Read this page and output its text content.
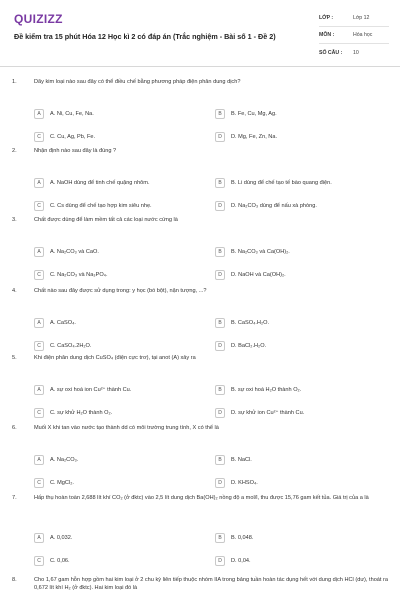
QUIZIZZ
Đề kiểm tra 15 phút Hóa 12 Học kì 2 có đáp án (Trắc nghiệm - Bài số 1 - Đề 2)
LỚP :	Lớp 12
MÔN :	Hóa học
SỐ CÂU :	10
1.	Dãy kim loại nào sau đây có thể điều chế bằng phương pháp điện phân dung dịch?
A	A. Ni, Cu, Fe, Na.	B	B. Fe, Cu, Mg, Ag.
C	C. Cu, Ag, Pb, Fe.	D	D. Mg, Fe, Zn, Na.
2.	Nhận định nào sau đây là đúng ?
A	A. NaOH dùng để tinh chế quặng nhôm.	B	B. Li dùng để chế tạo tế bào quang điện.
C	C. Cs dùng để chế tạo hợp kim siêu nhẹ.	D	D. Na₂CO₃ dùng để nấu xà phòng.
3.	Chất được dùng để làm mềm tất cả các loại nước cứng là
A	A. Na₂CO₃ và CaO.	B	B. Na₂CO₃ và Ca(OH)₂.
C	C. Na₂CO₃ và Na₃PO₄.	D	D. NaOH và Ca(OH)₂.
4.	Chất nào sau đây được sử dụng trong: y học (bó bột), nặn tượng, ...?
A	A. CaSO₄.	B	B. CaSO₄.H₂O.
C	C. CaSO₄.2H₂O.	D	D. BaCl₂.H₂O.
5.	Khi điện phân dung dịch CuSO₄ (điện cực trơ), tại anot (A) xảy ra
A	A. sự oxi hoá ion Cu²⁺ thành Cu.	B	B. sự oxi hoá H₂O thành O₂.
C	C. sự khử H₂O thành O₂.	D	D. sự khử ion Cu²⁺ thành Cu.
6.	Muối X khi tan vào nước tạo thành dd có môi trường trung tính, X có thể là
A	A. Na₂CO₃.	B	B. NaCl.
C	C. MgCl₂.	D	D. KHSO₄.
7.	Hấp thụ hoàn toàn 2,688 lít khí CO₂ (ở đktc) vào 2,5 lít dung dịch Ba(OH)₂ nồng độ a mol/l, thu được 15,76 gam kết tủa. Giá trị của a là
A	A. 0,032.	B	B. 0,048.
C	C. 0,06.	D	D. 0,04.
8.	Cho 1,67 gam hỗn hợp gồm hai kim loại ở 2 chu kỳ liên tiếp thuộc nhóm IIA trong bảng tuần hoàn tác dụng hết với dung dịch HCl (dư), thoát ra 0,672 lít khí H₂ (ở đktc). Hai kim loại đó là
